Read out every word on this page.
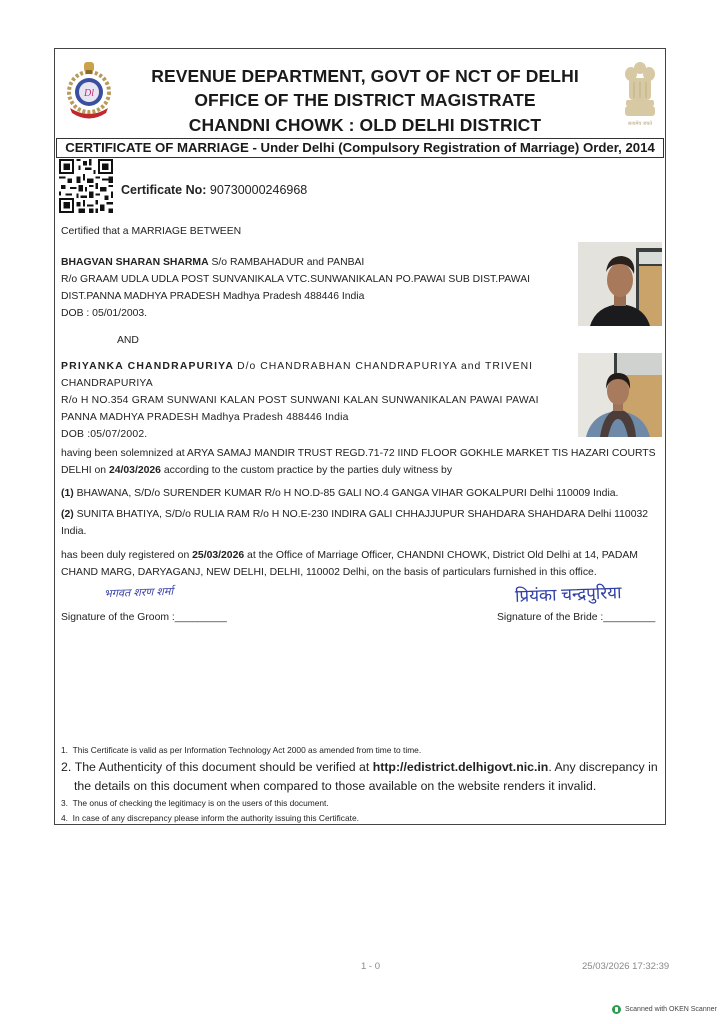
Dl
REVENUE DEPARTMENT, GOVT OF NCT OF DELHI
OFFICE OF THE DISTRICT MAGISTRATE
CHANDNI CHOWK : OLD DELHI DISTRICT	सत्यमेव जयते
CERTIFICATE OF MARRIAGE - Under Delhi (Compulsory Registration of Marriage) Order, 2014
Certificate No: 90730000246968
Certified that a MARRIAGE BETWEEN
BHAGVAN SHARAN SHARMA S/o RAMBAHADUR and PANBAI
R/o GRAAM UDLA UDLA POST SUNVANIKALA VTC.SUNWANIKALAN PO.PAWAI SUB DIST.PAWAI
DIST.PANNA MADHYA PRADESH Madhya Pradesh 488446 India
DOB : 05/01/2003.
AND
PRIYANKA CHANDRAPURIYA D/o CHANDRABHAN CHANDRAPURIYA and TRIVENI
CHANDRAPURIYA
R/o H NO.354 GRAM SUNWANI KALAN POST SUNWANI KALAN SUNWANIKALAN PAWAI PAWAI
PANNA MADHYA PRADESH Madhya Pradesh 488446 India
DOB :05/07/2002.
having been solemnized at ARYA SAMAJ MANDIR TRUST REGD.71-72 IIND FLOOR GOKHLE MARKET TIS HAZARI COURTS DELHI on 24/03/2026 according to the custom practice by the parties duly witness by
(1) BHAWANA, S/D/o SURENDER KUMAR R/o H NO.D-85 GALI NO.4 GANGA VIHAR GOKALPURI Delhi 110009 India.
(2) SUNITA BHATIYA, S/D/o RULIA RAM R/o H NO.E-230 INDIRA GALI CHHAJJUPUR SHAHDARA SHAHDARA Delhi 110032 India.
has been duly registered on 25/03/2026 at the Office of Marriage Officer, CHANDNI CHOWK, District Old Delhi at 14, PADAM CHAND MARG, DARYAGANJ, NEW DELHI, DELHI, 110002 Delhi, on the basis of particulars furnished in this office.
भगवत शरण शर्मा
Signature of the Groom :_________
प्रियंका चन्द्रपुरिया
Signature of the Bride :_________
1. This Certificate is valid as per Information Technology Act 2000 as amended from time to time.
2. The Authenticity of this document should be verified at http://edistrict.delhigovt.nic.in. Any discrepancy in the details on this document when compared to those available on the website renders it invalid.
3. The onus of checking the legitimacy is on the users of this document.
4. In case of any discrepancy please inform the authority issuing this Certificate.
1 - 0	25/03/2026 17:32:39
Scanned with OKEN Scanner
